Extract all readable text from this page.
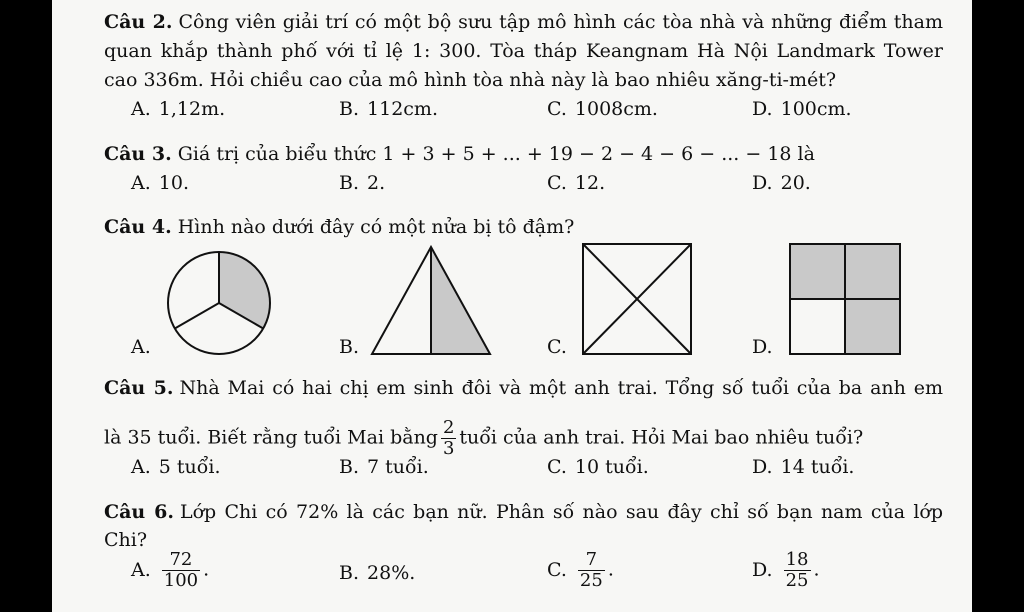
Câu 2. Công viên giải trí có một bộ sưu tập mô hình các tòa nhà và những điểm tham
quan khắp thành phố với tỉ lệ 1: 300. Tòa tháp Keangnam Hà Nội Landmark Tower
cao 336m. Hỏi chiều cao của mô hình tòa nhà này là bao nhiêu xăng-ti-mét?
A. 1,12m.	B. 112cm.	C. 1008cm.	D. 100cm.
Câu 3. Giá trị của biểu thức 1 + 3 + 5 + ... + 19 − 2 − 4 − 6 − ... − 18 là
A. 10.	B. 2.	C. 12.	D. 20.
Câu 4. Hình nào dưới đây có một nửa bị tô đậm?
A.	B.	C.	D.
Câu 5. Nhà Mai có hai chị em sinh đôi và một anh trai. Tổng số tuổi của ba anh em
là 35 tuổi. Biết rằng tuổi Mai bằng $\frac{2}{3}$ tuổi của anh trai. Hỏi Mai bao nhiêu tuổi?
A. 5 tuổi.	B. 7 tuổi.	C. 10 tuổi.	D. 14 tuổi.
Câu 6. Lớp Chi có 72% là các bạn nữ. Phân số nào sau đây chỉ số bạn nam của lớp
Chi?
A. $\frac{72}{100}$ .	B. 28%.	C. $\frac{7}{25}$ .	D. $\frac{18}{25}$ .
